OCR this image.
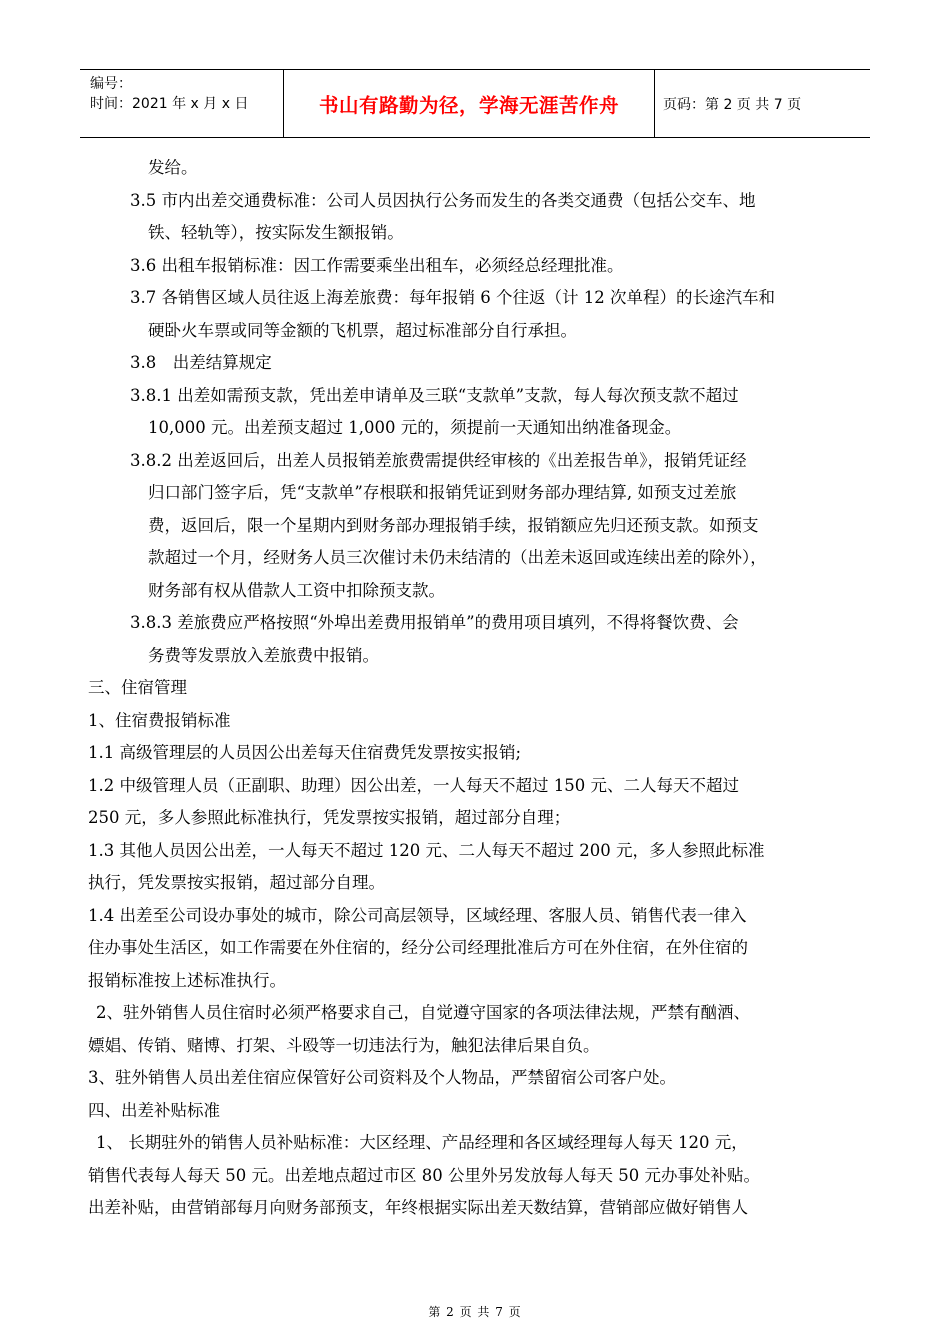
编号：
时间：2021 年 x 月 x 日	书山有路勤为径，学海无涯苦作舟	页码：第 2 页 共 7 页
发给。
3.5 市内出差交通费标准：公司人员因执行公务而发生的各类交通费（包括公交车、地
铁、轻轨等），按实际发生额报销。
3.6 出租车报销标准：因工作需要乘坐出租车，必须经总经理批准。
3.7 各销售区域人员往返上海差旅费：每年报销 6 个往返（计 12 次单程）的长途汽车和
硬卧火车票或同等金额的飞机票，超过标准部分自行承担。
3.8　出差结算规定
3.8.1 出差如需预支款，凭出差申请单及三联“支款单”支款，每人每次预支款不超过
10,000 元。出差预支超过 1,000 元的，须提前一天通知出纳准备现金。
3.8.2 出差返回后，出差人员报销差旅费需提供经审核的《出差报告单》，报销凭证经
归口部门签字后，凭“支款单”存根联和报销凭证到财务部办理结算, 如预支过差旅
费，返回后，限一个星期内到财务部办理报销手续，报销额应先归还预支款。如预支
款超过一个月，经财务人员三次催讨未仍未结清的（出差未返回或连续出差的除外），
财务部有权从借款人工资中扣除预支款。
3.8.3 差旅费应严格按照“外埠出差费用报销单”的费用项目填列，不得将餐饮费、会
务费等发票放入差旅费中报销。
三、住宿管理
1、住宿费报销标准
1.1 高级管理层的人员因公出差每天住宿费凭发票按实报销;
1.2 中级管理人员（正副职、助理）因公出差，一人每天不超过 150 元、二人每天不超过
250 元，多人参照此标准执行，凭发票按实报销，超过部分自理；
1.3 其他人员因公出差，一人每天不超过 120 元、二人每天不超过 200 元，多人参照此标准
执行，凭发票按实报销，超过部分自理。
1.4 出差至公司设办事处的城市，除公司高层领导，区域经理、客服人员、销售代表一律入
住办事处生活区，如工作需要在外住宿的，经分公司经理批准后方可在外住宿，在外住宿的
报销标准按上述标准执行。
2、驻外销售人员住宿时必须严格要求自己，自觉遵守国家的各项法律法规，严禁有酗酒、
嫖娼、传销、赌博、打架、斗殴等一切违法行为，触犯法律后果自负。
3、驻外销售人员出差住宿应保管好公司资料及个人物品，严禁留宿公司客户处。
四、出差补贴标准
1、 长期驻外的销售人员补贴标准：大区经理、产品经理和各区域经理每人每天 120 元，
销售代表每人每天 50 元。出差地点超过市区 80 公里外另发放每人每天 50 元办事处补贴。
出差补贴，由营销部每月向财务部预支，年终根据实际出差天数结算，营销部应做好销售人
第 2 页 共 7 页
